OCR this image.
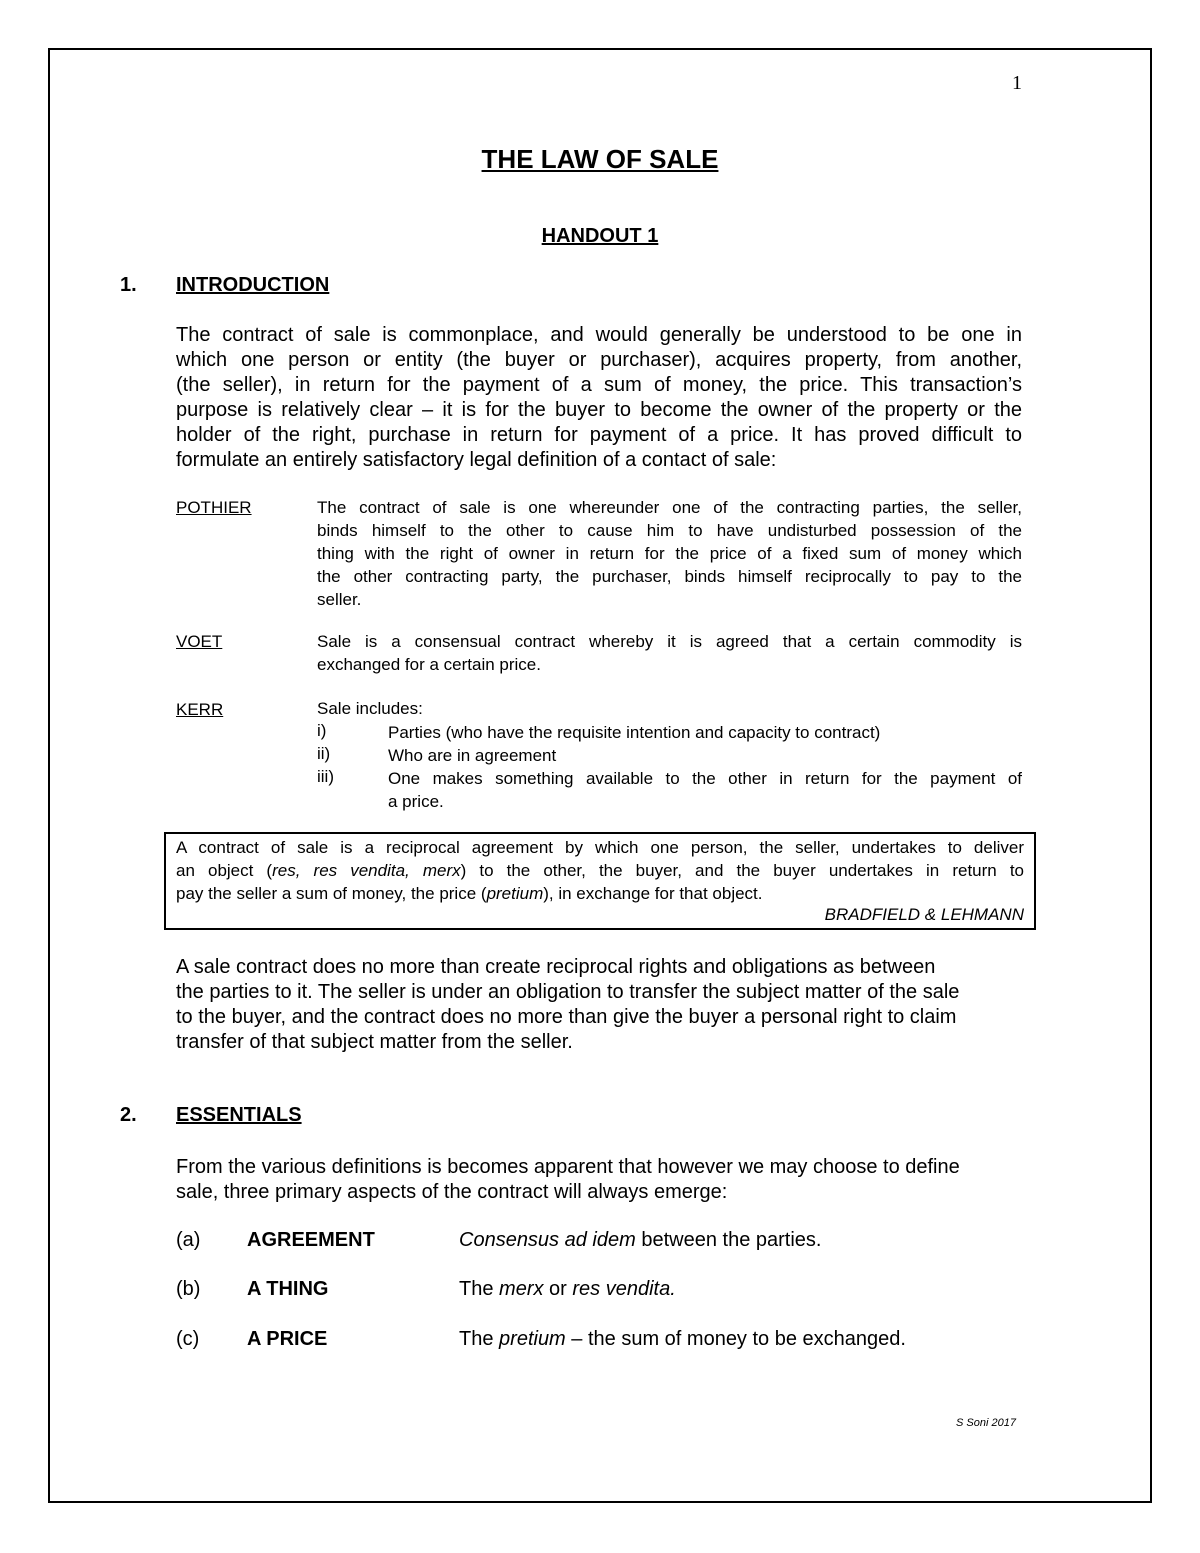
1
THE LAW OF SALE
HANDOUT 1
1. INTRODUCTION
The contract of sale is commonplace, and would generally be understood to be one in
which one person or entity (the buyer or purchaser), acquires property, from another,
(the seller), in return for the payment of a sum of money, the price. This transaction’s
purpose is relatively clear – it is for the buyer to become the owner of the property or the
holder of the right, purchase in return for payment of a price. It has proved difficult to
formulate an entirely satisfactory legal definition of a contact of sale:
POTHIER	The contract of sale is one whereunder one of the contracting parties, the seller,
binds himself to the other to cause him to have undisturbed possession of the
thing with the right of owner in return for the price of a fixed sum of money which
the other contracting party, the purchaser, binds himself reciprocally to pay to the
seller.
VOET	Sale is a consensual contract whereby it is agreed that a certain commodity is
exchanged for a certain price.
KERR	Sale includes:
i)	Parties (who have the requisite intention and capacity to contract)
ii)	Who are in agreement
iii)	One makes something available to the other in return for the payment of
a price.
A contract of sale is a reciprocal agreement by which one person, the seller, undertakes to deliver
an object (res, res vendita, merx) to the other, the buyer, and the buyer undertakes in return to
pay the seller a sum of money, the price (pretium), in exchange for that object.
BRADFIELD & LEHMANN
A sale contract does no more than create reciprocal rights and obligations as between
the parties to it. The seller is under an obligation to transfer the subject matter of the sale
to the buyer, and the contract does no more than give the buyer a personal right to claim
transfer of that subject matter from the seller.
2. ESSENTIALS
From the various definitions is becomes apparent that however we may choose to define
sale, three primary aspects of the contract will always emerge:
(a) AGREEMENT	Consensus ad idem between the parties.
(b) A THING	The merx or res vendita.
(c) A PRICE	The pretium – the sum of money to be exchanged.
S Soni 2017
